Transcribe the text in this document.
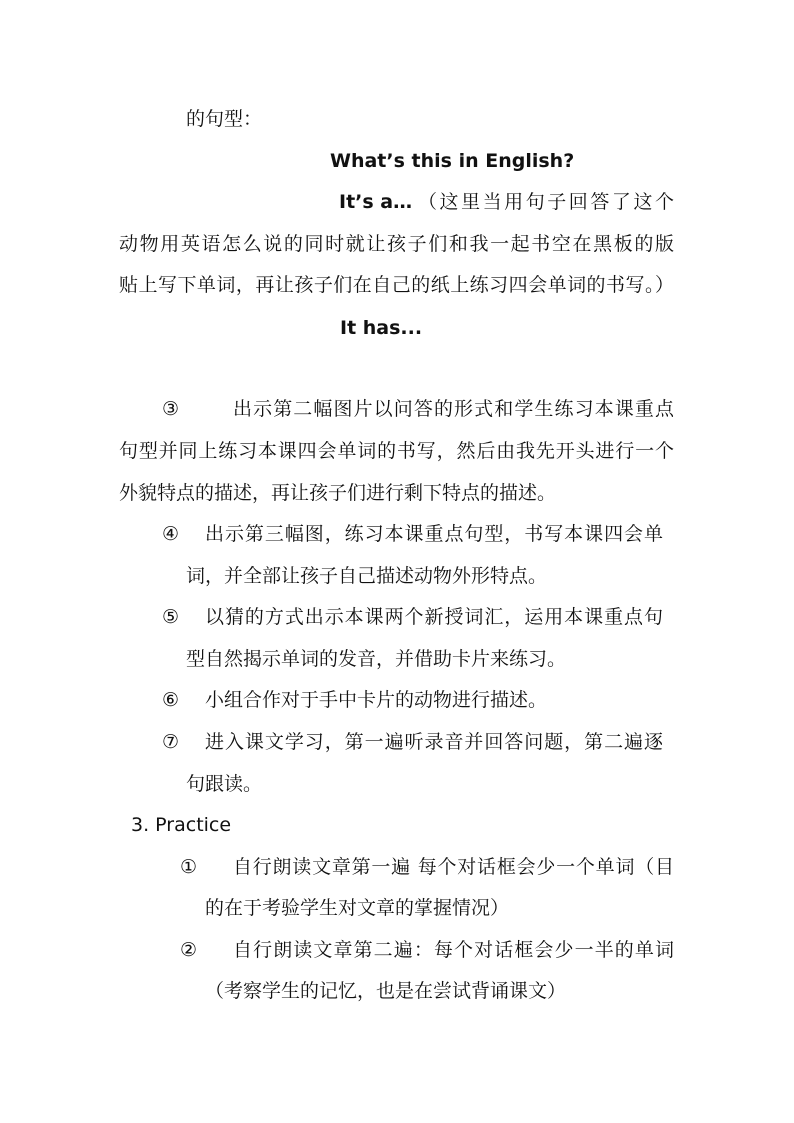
的句型：
What’s this in English?
It’s a… （这里当用句子回答了这个
动物用英语怎么说的同时就让孩子们和我一起书空在黑板的版
贴上写下单词，再让孩子们在自己的纸上练习四会单词的书写。）
It has...
③	出示第二幅图片以问答的形式和学生练习本课重点
句型并同上练习本课四会单词的书写，然后由我先开头进行一个
外貌特点的描述，再让孩子们进行剩下特点的描述。
④ 出示第三幅图，练习本课重点句型，书写本课四会单
词，并全部让孩子自己描述动物外形特点。
⑤ 以猜的方式出示本课两个新授词汇，运用本课重点句
型自然揭示单词的发音，并借助卡片来练习。
⑥ 小组合作对于手中卡片的动物进行描述。
⑦ 进入课文学习，第一遍听录音并回答问题，第二遍逐
句跟读。
3. Practice
① 自行朗读文章第一遍 每个对话框会少一个单词（目
的在于考验学生对文章的掌握情况）
② 自行朗读文章第二遍：每个对话框会少一半的单词
（考察学生的记忆，也是在尝试背诵课文）
